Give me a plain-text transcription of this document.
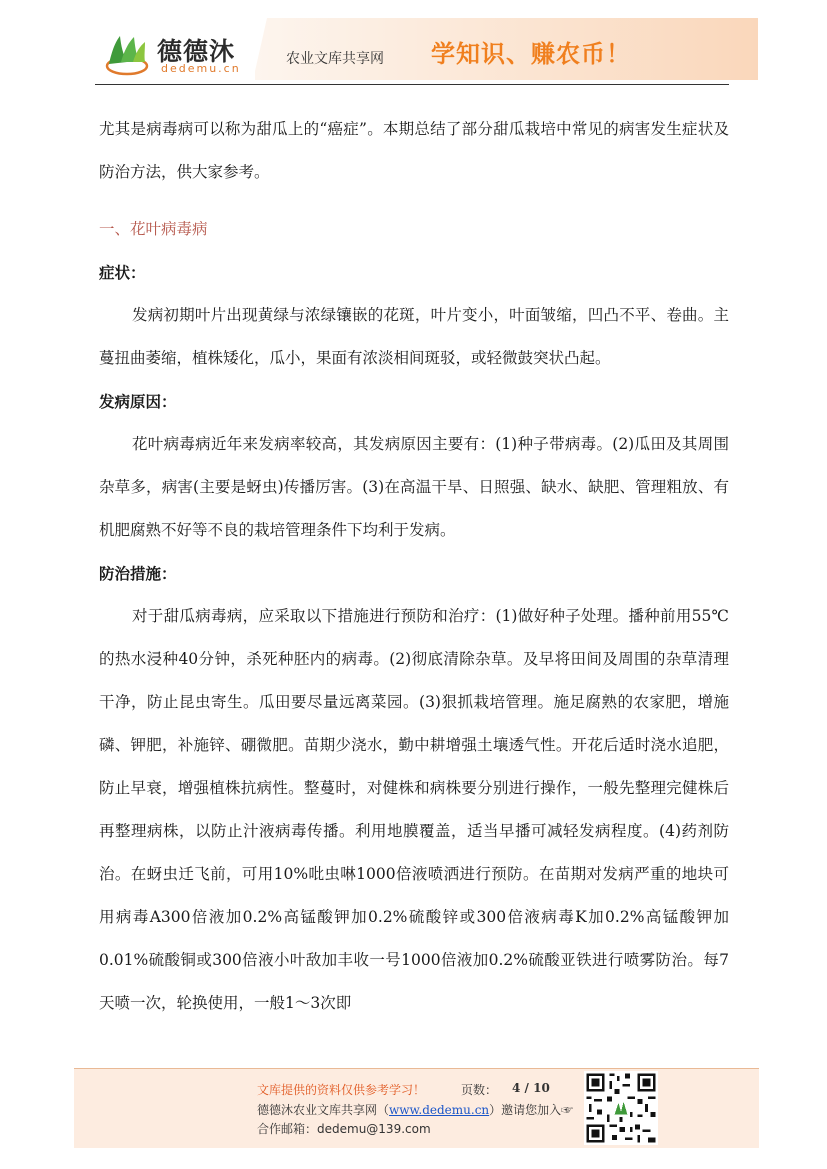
德德沐
dedemu.cn
农业文库共享网 学知识、赚农币！

尤其是病毒病可以称为甜瓜上的“癌症”。本期总结了部分甜瓜栽培中常见的病害发生症状及防治方法，供大家参考。

一、花叶病毒病

症状：

发病初期叶片出现黄绿与浓绿镶嵌的花斑，叶片变小，叶面皱缩，凹凸不平、卷曲。主蔓扭曲萎缩，植株矮化，瓜小，果面有浓淡相间斑驳，或轻微鼓突状凸起。

发病原因：

花叶病毒病近年来发病率较高，其发病原因主要有：(1)种子带病毒。(2)瓜田及其周围杂草多，病害(主要是蚜虫)传播厉害。(3)在高温干旱、日照强、缺水、缺肥、管理粗放、有机肥腐熟不好等不良的栽培管理条件下均利于发病。

防治措施：

对于甜瓜病毒病，应采取以下措施进行预防和治疗：(1)做好种子处理。播种前用55℃的热水浸种40分钟，杀死种胚内的病毒。(2)彻底清除杂草。及早将田间及周围的杂草清理干净，防止昆虫寄生。瓜田要尽量远离菜园。(3)狠抓栽培管理。施足腐熟的农家肥，增施磷、钾肥，补施锌、硼微肥。苗期少浇水，勤中耕增强土壤透气性。开花后适时浇水追肥，防止早衰，增强植株抗病性。整蔓时，对健株和病株要分别进行操作，一般先整理完健株后再整理病株，以防止汁液病毒传播。利用地膜覆盖，适当早播可减轻发病程度。(4)药剂防治。在蚜虫迁飞前，可用10%吡虫啉1000倍液喷洒进行预防。在苗期对发病严重的地块可用病毒A300倍液加0.2%高锰酸钾加0.2%硫酸锌或300倍液病毒K加0.2%高锰酸钾加0.01%硫酸铜或300倍液小叶敌加丰收一号1000倍液加0.2%硫酸亚铁进行喷雾防治。每7天喷一次，轮换使用，一般1～3次即

文库提供的资料仅供参考学习！	页数： 4 / 10
德德沐农业文库共享网（www.dedemu.cn）邀请您加入☞
合作邮箱：dedemu@139.com
